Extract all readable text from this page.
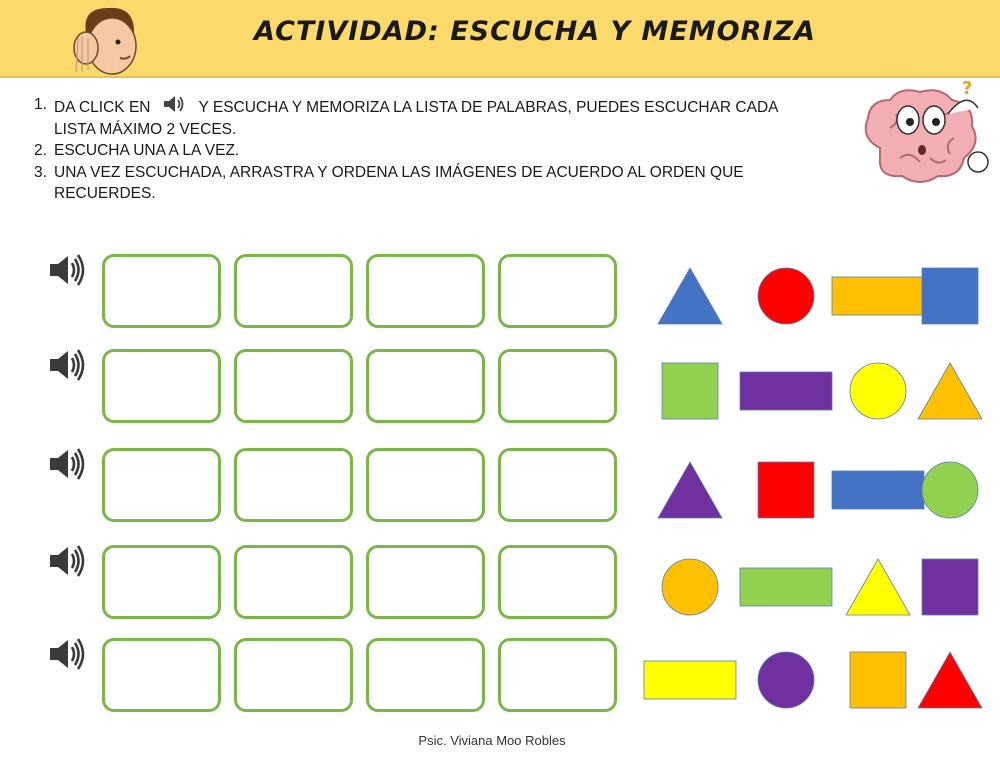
ACTIVIDAD: ESCUCHA Y MEMORIZA
?
1. DA CLICK EN	Y ESCUCHA Y MEMORIZA LA LISTA DE PALABRAS, PUEDES ESCUCHAR CADA
LISTA MÁXIMO 2 VECES.
2. ESCUCHA UNA A LA VEZ.
3. UNA VEZ ESCUCHADA, ARRASTRA Y ORDENA LAS IMÁGENES DE ACUERDO AL ORDEN QUE
RECUERDES.
Psic. Viviana Moo Robles
